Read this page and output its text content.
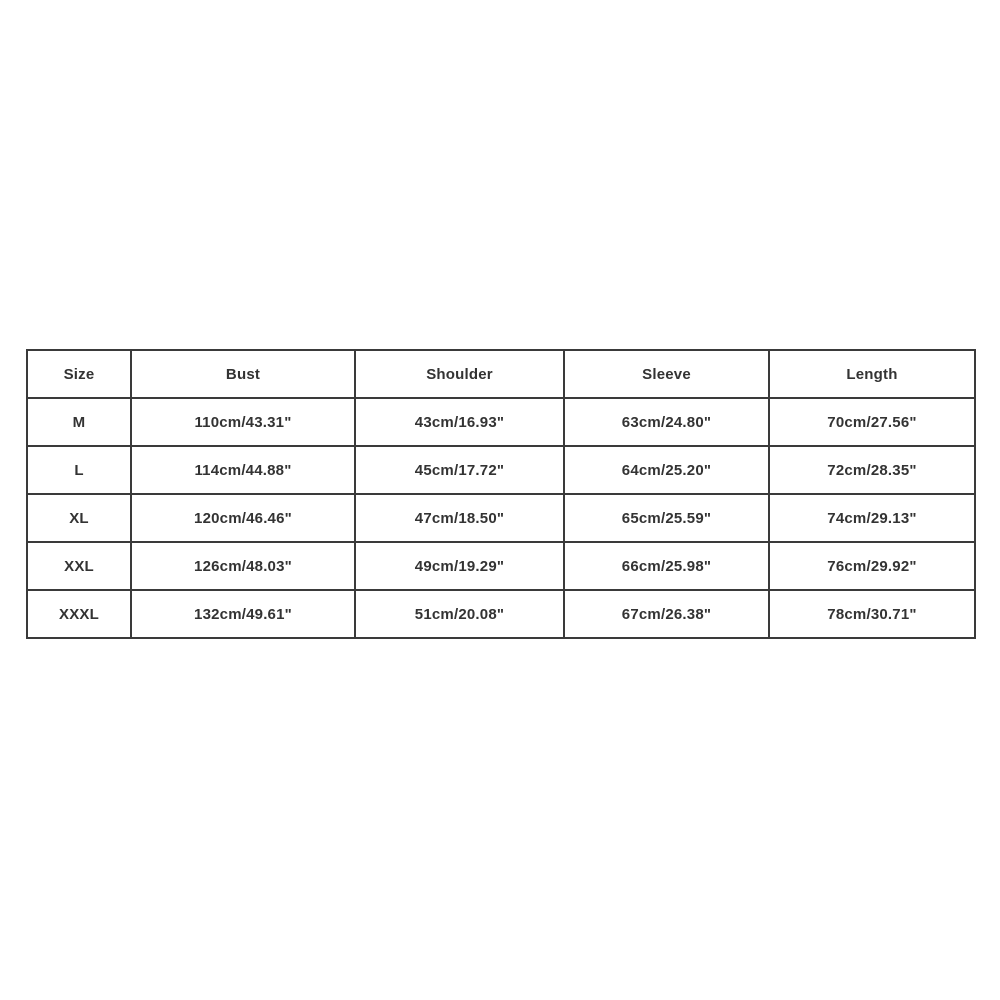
Size	Bust	Shoulder	Sleeve	Length
M	110cm/43.31"	43cm/16.93"	63cm/24.80"	70cm/27.56"
L	114cm/44.88"	45cm/17.72"	64cm/25.20"	72cm/28.35"
XL	120cm/46.46"	47cm/18.50"	65cm/25.59"	74cm/29.13"
XXL	126cm/48.03"	49cm/19.29"	66cm/25.98"	76cm/29.92"
XXXL	132cm/49.61"	51cm/20.08"	67cm/26.38"	78cm/30.71"
